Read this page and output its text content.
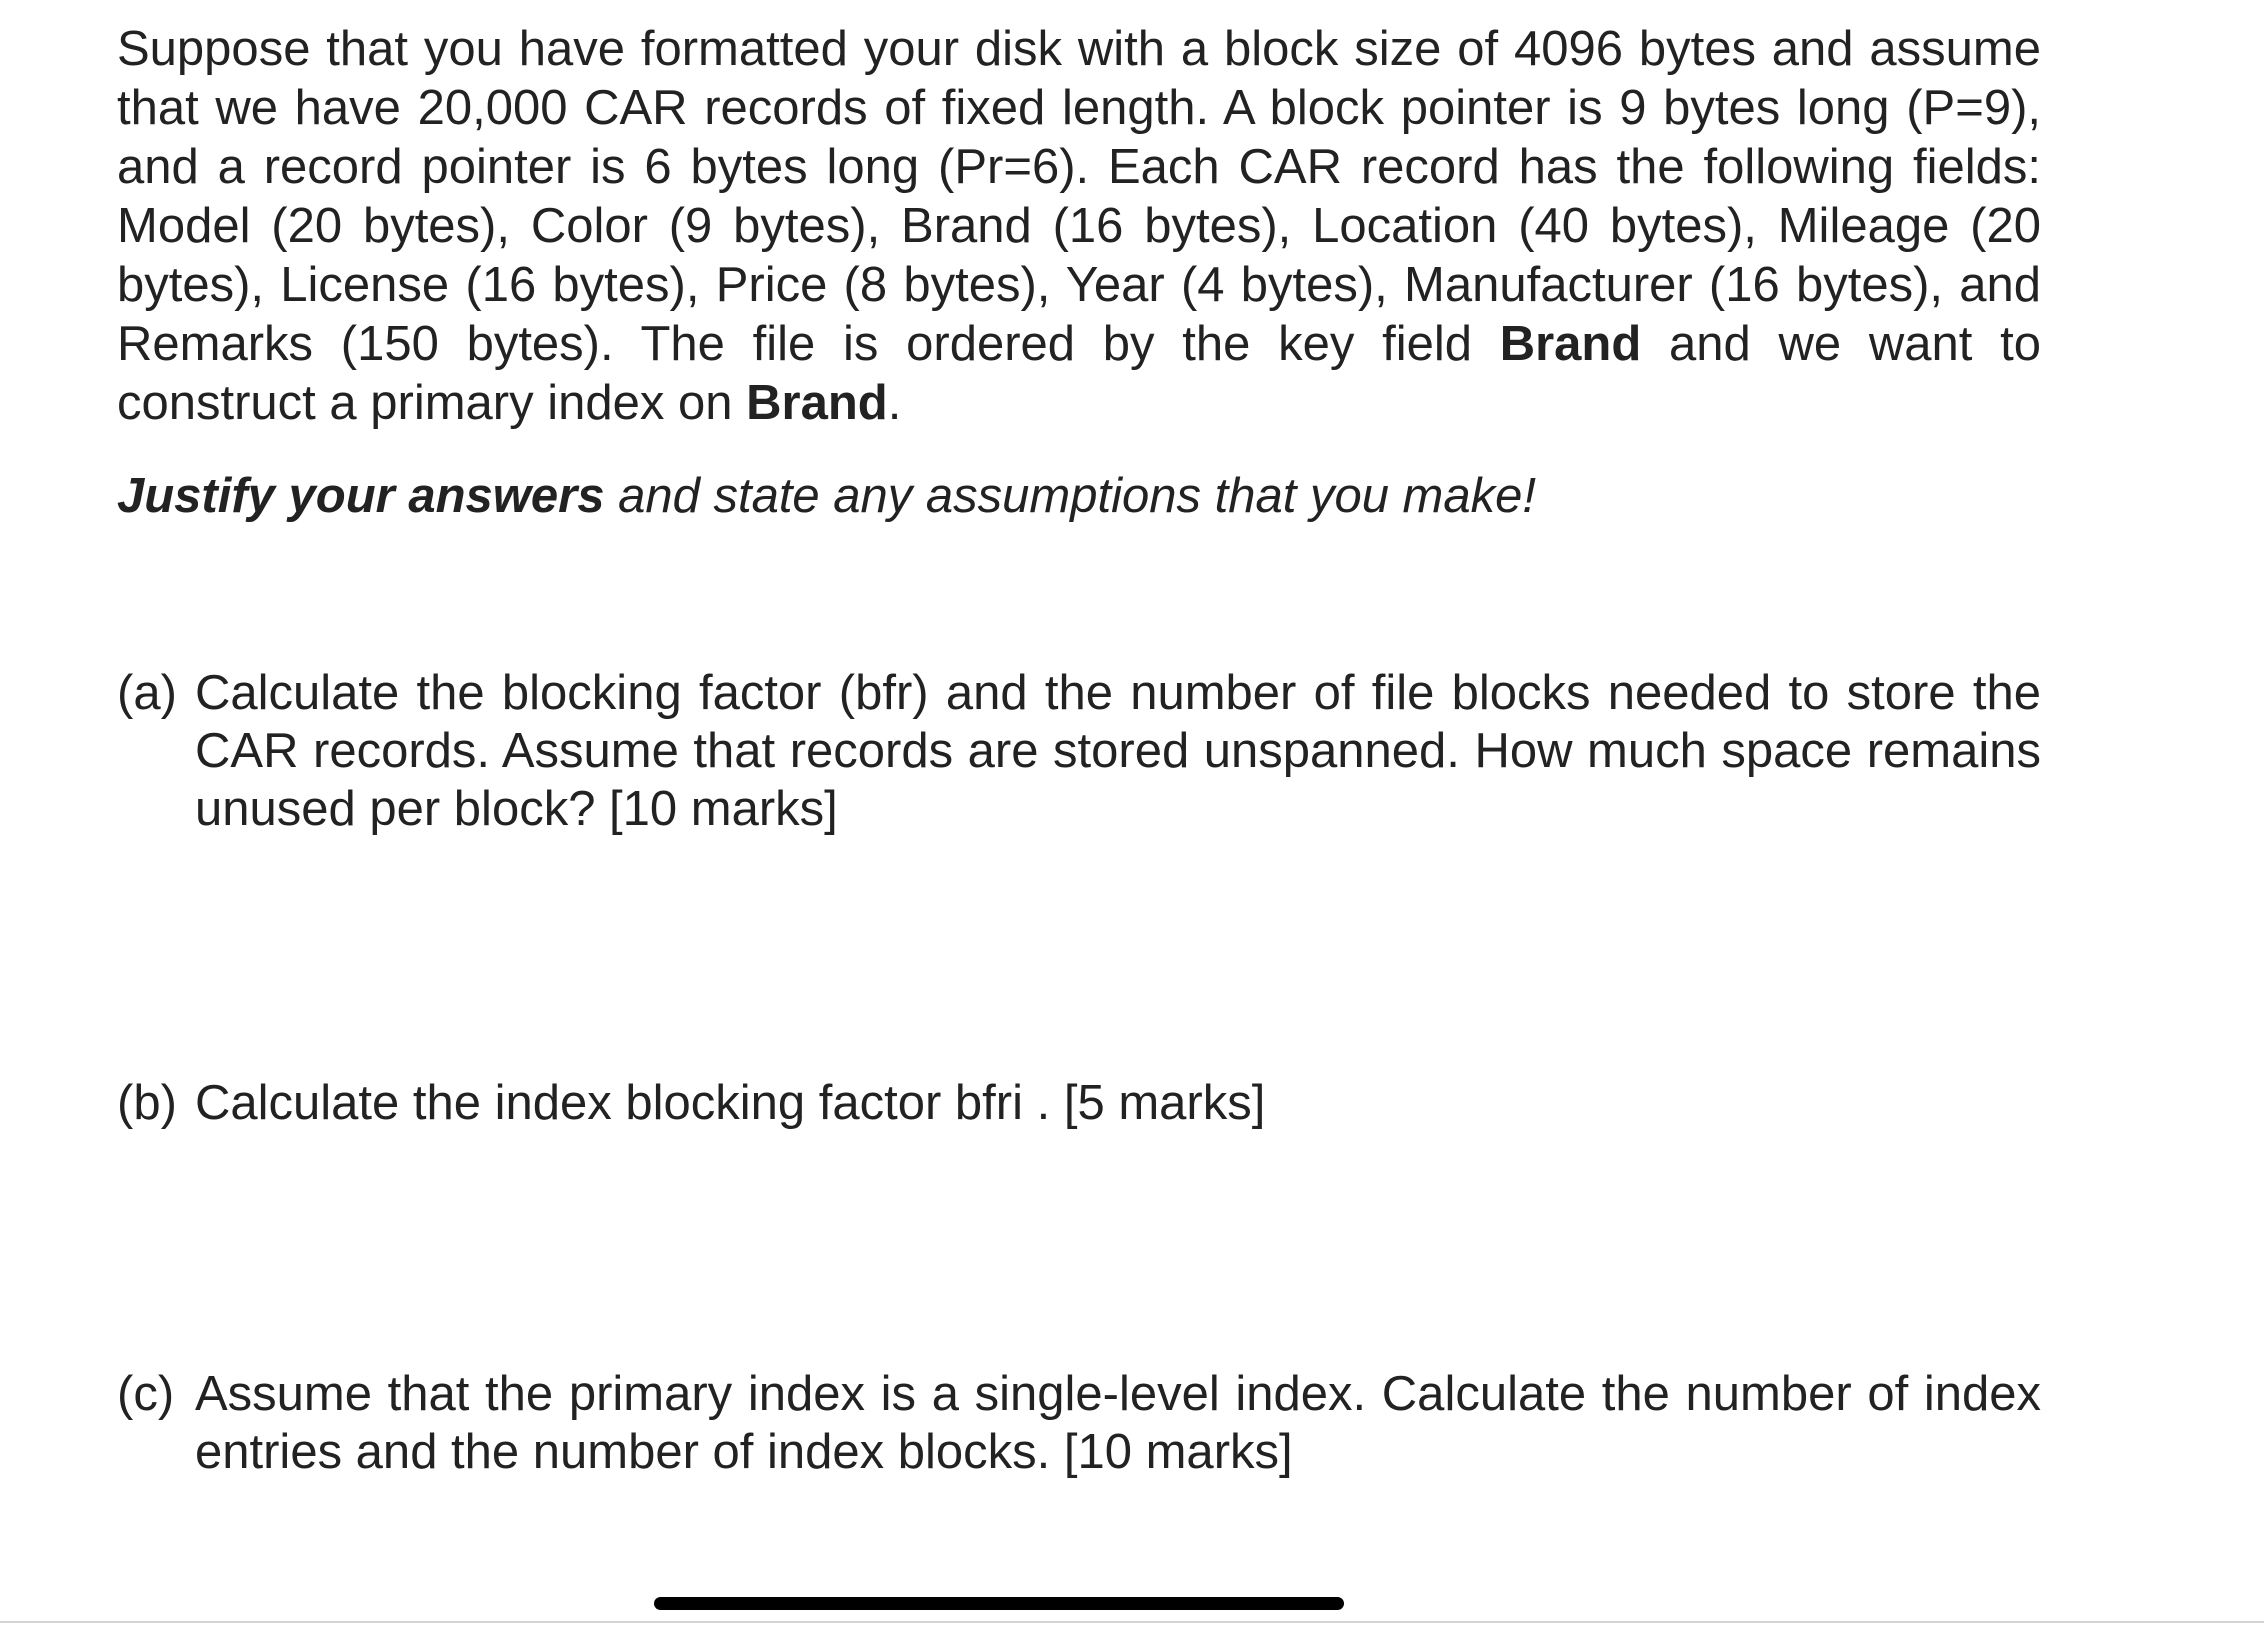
Suppose that you have formatted your disk with a block size of 4096 bytes and assume that we have 20,000 CAR records of fixed length. A block pointer is 9 bytes long (P=9), and a record pointer is 6 bytes long (Pr=6). Each CAR record has the following fields: Model (20 bytes), Color (9 bytes), Brand (16 bytes), Location (40 bytes), Mileage (20 bytes), License (16 bytes), Price (8 bytes), Year (4 bytes), Manufacturer (16 bytes), and Remarks (150 bytes). The file is ordered by the key field Brand and we want to construct a primary index on Brand.

Justify your answers and state any assumptions that you make!

(a) Calculate the blocking factor (bfr) and the number of file blocks needed to store the CAR records. Assume that records are stored unspanned. How much space remains unused per block? [10 marks]
(b) Calculate the index blocking factor bfri . [5 marks]
(c) Assume that the primary index is a single-level index. Calculate the number of index entries and the number of index blocks. [10 marks]
